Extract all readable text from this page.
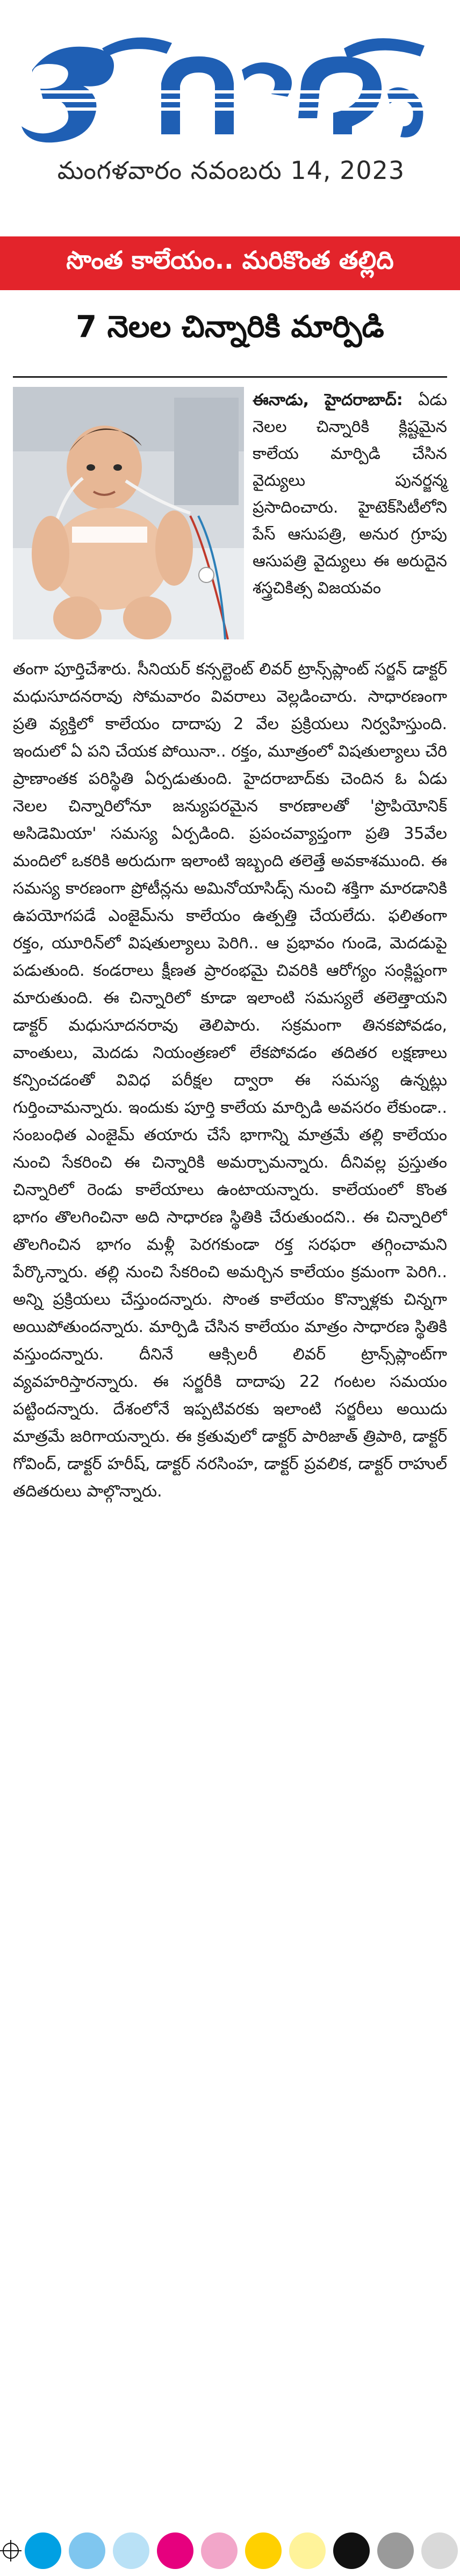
మంగళవారం నవంబరు 14, 2023
సొంత కాలేయం.. మరికొంత తల్లిది
7 నెలల చిన్నారికి మార్పిడి
ఈనాడు, హైదరాబాద్‌: ఏడు నెలల చిన్నారికి క్లిష్టమైన కాలేయ మార్పిడి చేసిన వైద్యులు పునర్జన్మ ప్రసాదించారు. హైటెక్‌సిటీలోని పేస్‌ ఆసుపత్రి, అనుర గ్రూపు ఆసుపత్రి వైద్యులు ఈ అరుదైన శస్త్రచికిత్స విజయవం
తంగా పూర్తిచేశారు. సీనియర్‌ కన్సల్టెంట్‌ లివర్‌ ట్రాన్స్‌ప్లాంట్‌ సర్జన్‌ డాక్టర్‌ మధుసూదనరావు సోమవారం వివరాలు వెల్లడించారు. సాధారణంగా ప్రతి వ్యక్తిలో కాలేయం దాదాపు 2 వేల ప్రక్రియలు నిర్వహిస్తుంది. ఇందులో ఏ పని చేయక పోయినా.. రక్తం, మూత్రంలో విషతుల్యాలు చేరి ప్రాణాంతక పరిస్థితి ఏర్పడుతుంది. హైదరాబాద్‌కు చెందిన ఓ ఏడు నెలల చిన్నారిలోనూ జన్యుపరమైన కారణాలతో 'ప్రొపియోనిక్‌ అసిడెమియా' సమస్య ఏర్పడింది. ప్రపంచవ్యాప్తంగా ప్రతి 35వేల మందిలో ఒకరికి అరుదుగా ఇలాంటి ఇబ్బంది తలెత్తే అవకాశముంది. ఈ సమస్య కారణంగా ప్రోటీన్లను అమినోయాసిడ్స్‌ నుంచి శక్తిగా మారడానికి ఉపయోగపడే ఎంజైమ్‌ను కాలేయం ఉత్పత్తి చేయలేదు. ఫలితంగా రక్తం, యూరిన్‌లో విషతుల్యాలు పెరిగి.. ఆ ప్రభావం గుండె, మెదడుపై పడుతుంది. కండరాలు క్షీణత ప్రారంభమై చివరికి ఆరోగ్యం సంక్లిష్టంగా మారుతుంది. ఈ చిన్నారిలో కూడా ఇలాంటి సమస్యలే తలెత్తాయని డాక్టర్‌ మధుసూదనరావు తెలిపారు. సక్రమంగా తినకపోవడం, వాంతులు, మెదడు నియంత్రణలో లేకపోవడం తదితర లక్షణాలు కన్పించడంతో వివిధ పరీక్షల ద్వారా ఈ సమస్య ఉన్నట్లు గుర్తించామన్నారు. ఇందుకు పూర్తి కాలేయ మార్పిడి అవసరం లేకుండా.. సంబంధిత ఎంజైమ్‌ తయారు చేసే భాగాన్ని మాత్రమే తల్లి కాలేయం నుంచి సేకరించి ఈ చిన్నారికి అమర్చామన్నారు. దీనివల్ల ప్రస్తుతం చిన్నారిలో రెండు కాలేయాలు ఉంటాయన్నారు. కాలేయంలో కొంత భాగం తొలగించినా అది సాధారణ స్థితికి చేరుతుందని.. ఈ చిన్నారిలో తొలగించిన భాగం మళ్లీ పెరగకుండా రక్త సరఫరా తగ్గించామని పేర్కొన్నారు. తల్లి నుంచి సేకరించి అమర్చిన కాలేయం క్రమంగా పెరిగి.. అన్ని ప్రక్రియలు చేస్తుందన్నారు. సొంత కాలేయం కొన్నాళ్లకు చిన్నగా అయిపోతుందన్నారు. మార్పిడి చేసిన కాలేయం మాత్రం సాధారణ స్థితికి వస్తుందన్నారు. దీనినే ఆక్సిలరీ లివర్‌ ట్రాన్స్‌ప్లాంట్‌గా వ్యవహరిస్తారన్నారు. ఈ సర్జరీకి దాదాపు 22 గంటల సమయం పట్టిందన్నారు. దేశంలోనే ఇప్పటివరకు ఇలాంటి సర్జరీలు అయిదు మాత్రమే జరిగాయన్నారు. ఈ క్రతువులో డాక్టర్‌ పారిజాత్‌ త్రిపాఠి, డాక్టర్‌ గోవింద్‌, డాక్టర్‌ హరీష్‌, డాక్టర్‌ నరసింహ, డాక్టర్‌ ప్రవలిక, డాక్టర్‌ రాహుల్‌ తదితరులు పాల్గొన్నారు.
